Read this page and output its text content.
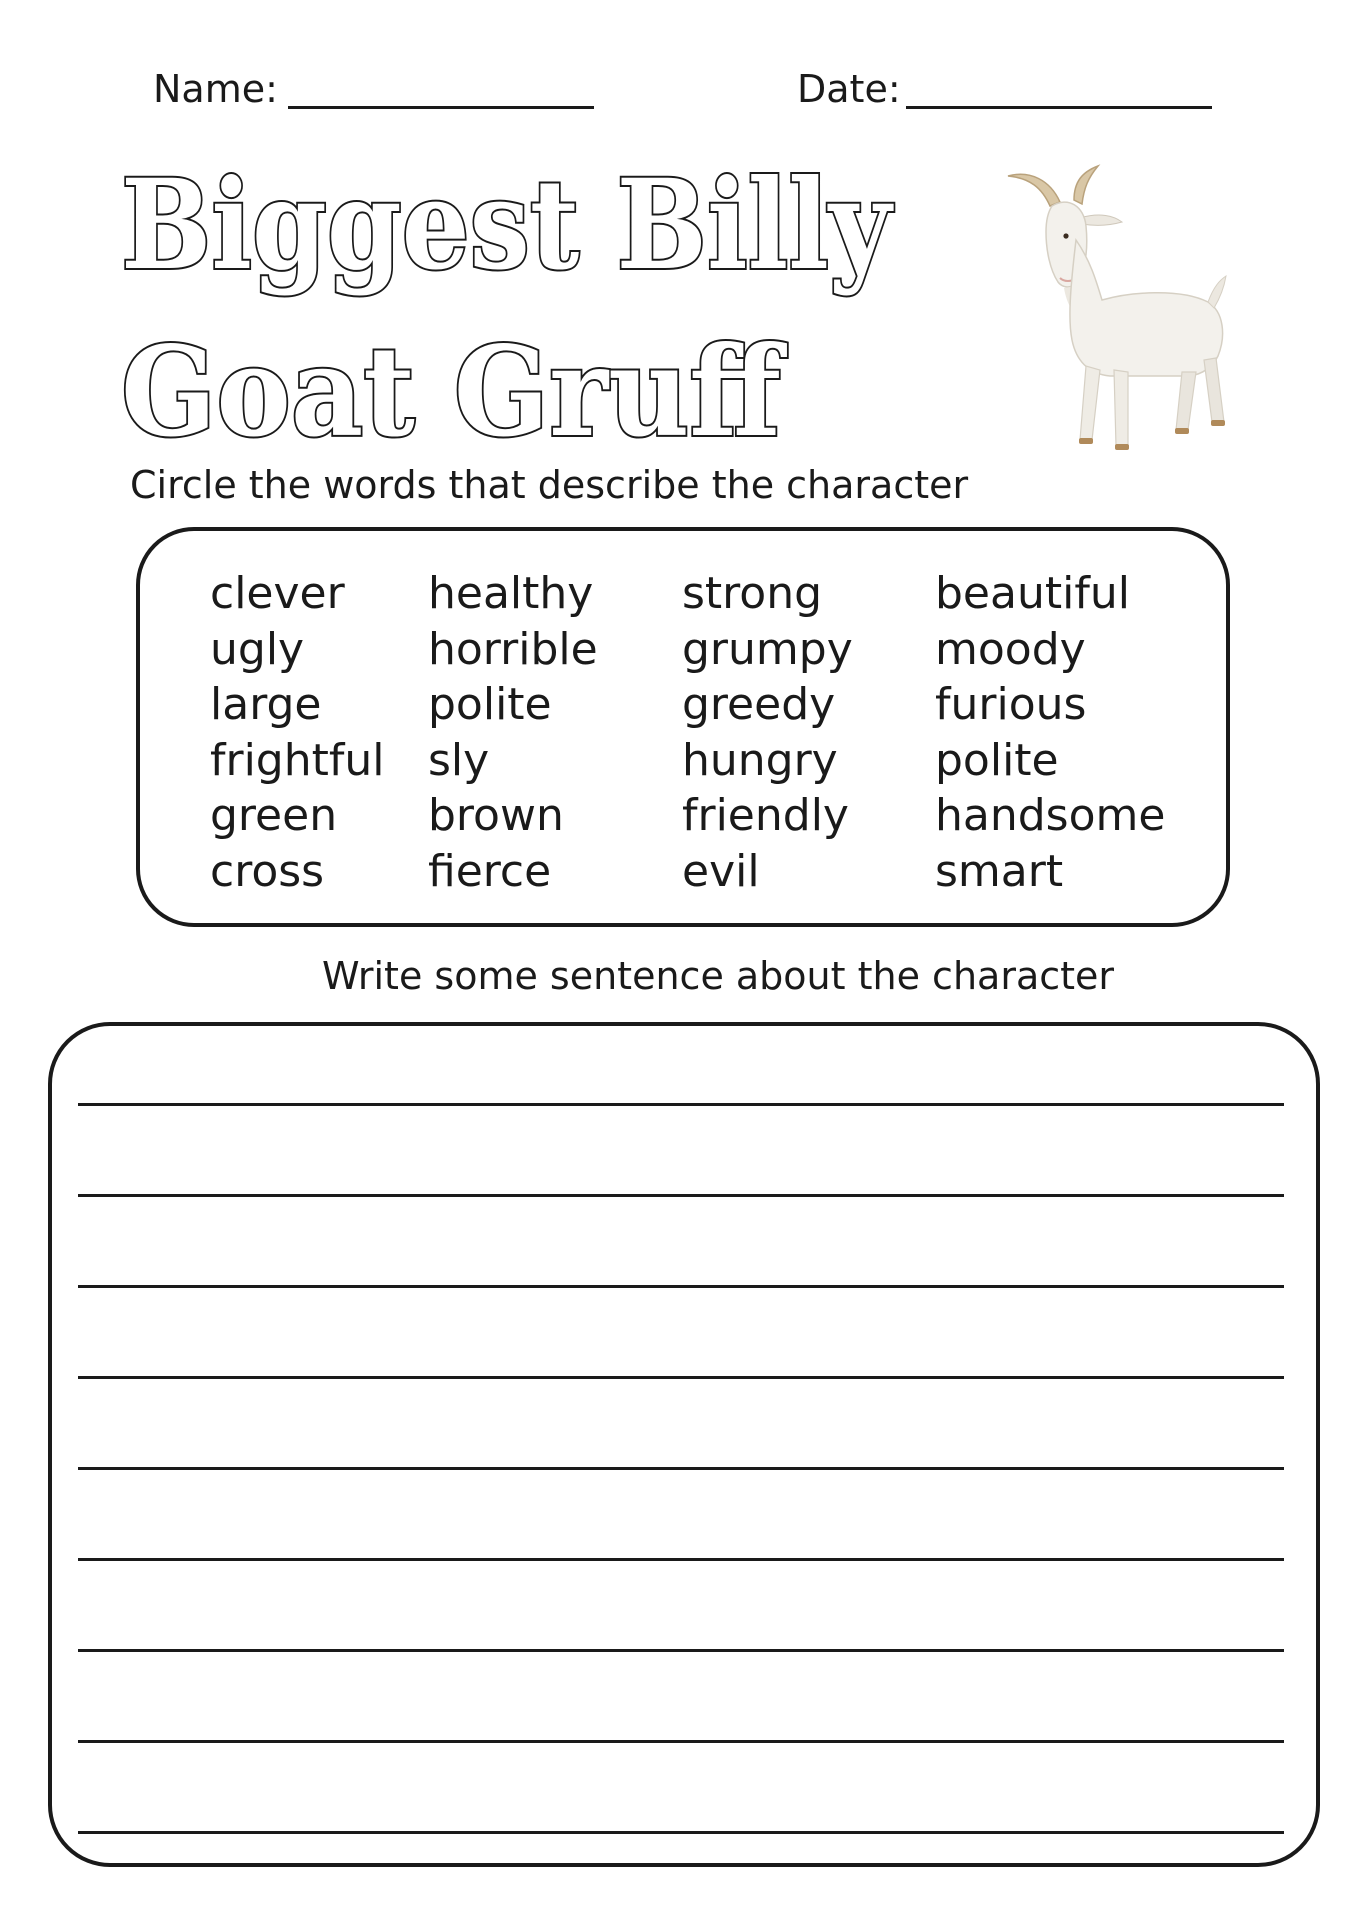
Name:	Date:
Biggest Billy
Goat Gruff
Circle the words that describe the character
clever
ugly
large
frightful
green
cross
healthy
horrible
polite
sly
brown
fierce
strong
grumpy
greedy
hungry
friendly
evil
beautiful
moody
furious
polite
handsome
smart
Write some sentence about the character
